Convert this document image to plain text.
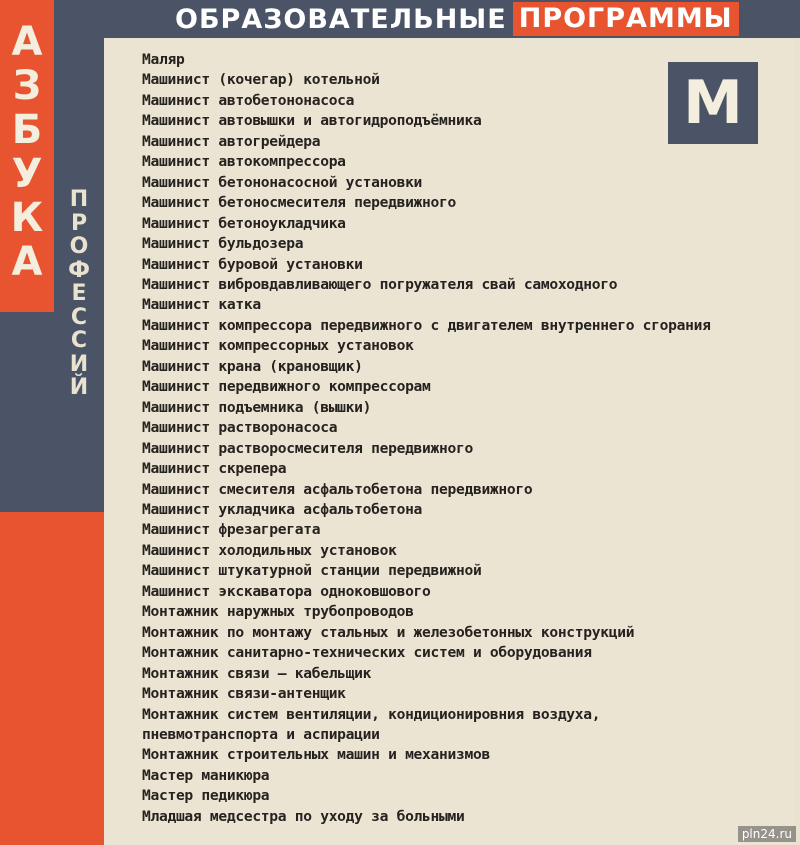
ОБРАЗОВАТЕЛЬНЫЕ ПРОГРАММЫ
А
З
Б
У
К
А
П
Р
О
Ф
Е
С
С
И
Й
М
Маляр
Машинист (кочегар) котельной
Машинист автобетононасоса
Машинист автовышки и автогидроподъёмника
Машинист автогрейдера
Машинист автокомпрессора
Машинист бетононасосной установки
Машинист бетоносмесителя передвижного
Машинист бетоноукладчика
Машинист бульдозера
Машинист буровой установки
Машинист вибровдавливающего погружателя свай самоходного
Машинист катка
Машинист компрессора передвижного с двигателем внутреннего сгорания
Машинист компрессорных установок
Машинист крана (крановщик)
Машинист передвижного компрессорам
Машинист подъемника (вышки)
Машинист растворонасоса
Машинист растворосмесителя передвижного
Машинист скрепера
Машинист смесителя асфальтобетона передвижного
Машинист укладчика асфальтобетона
Машинист фрезагрегата
Машинист холодильных установок
Машинист штукатурной станции передвижной
Машинист экскаватора одноковшового
Монтажник наружных трубопроводов
Монтажник по монтажу стальных и железобетонных конструкций
Монтажник санитарно-технических систем и оборудования
Монтажник связи – кабельщик
Монтажник связи-антенщик
Монтажник систем вентиляции, кондиционировния воздуха,
пневмотранспорта и аспирации
Монтажник строительных машин и механизмов
Мастер маникюра
Мастер педикюра
Младшая медсестра по уходу за больными
pln24.ru
